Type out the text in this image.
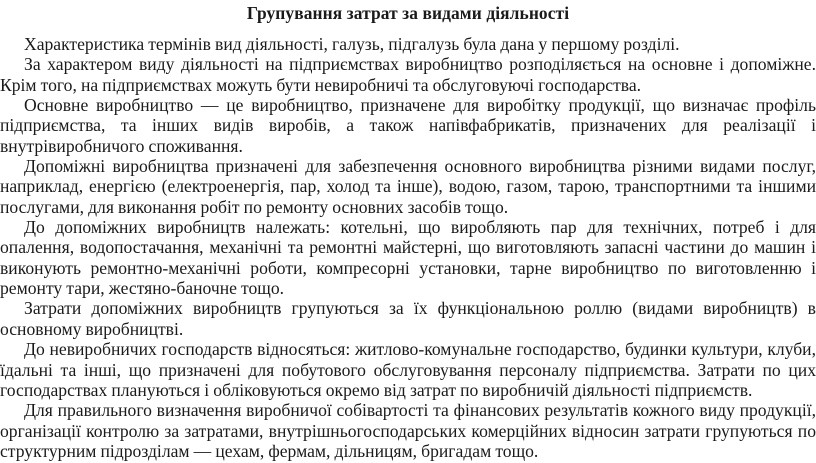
Групування затрат за видами діяльності

Характеристика термінів вид діяльності, галузь, підгалузь була дана у першому розділі.

За характером виду діяльності на підприємствах виробництво розподіляється на основне і допоміжне. Крім того, на підприємствах можуть бути невиробничі та обслуговуючі господарства.

Основне виробництво — це виробництво, призначене для виробітку продукції, що визначає профіль підприємства, та інших видів виробів, а також напівфабрикатів, призначених для реалізації і внутрівиробничого споживання.

Допоміжні виробництва призначені для забезпечення основного виробництва різними видами послуг, наприклад, енергією (електроенергія, пар, холод та інше), водою, газом, тарою, транспортними та іншими послугами, для виконання робіт по ремонту основних засобів тощо.

До допоміжних виробництв належать: котельні, що виробляють пар для технічних, потреб і для опалення, водопостачання, механічні та ремонтні майстерні, що виготовляють запасні частини до машин і виконують ремонтно-механічні роботи, компресорні установки, тарне виробництво по виготовленню і ремонту тари, жестяно-баночне тощо.

Затрати допоміжних виробництв групуються за їх функціональною роллю (видами виробництв) в основному виробництві.

До невиробничих господарств відносяться: житлово-комунальне господарство, будинки культури, клуби, їдальні та інші, що призначені для побутового обслуговування персоналу підприємства. Затрати по цих господарствах плануються і обліковуються окремо від затрат по виробничій діяльності підприємств.

Для правильного визначення виробничої собівартості та фінансових результатів кожного виду продукції, організації контролю за затратами, внутрішньогосподарських комерційних відносин затрати групуються по структурним підрозділам — цехам, фермам, дільницям, бригадам тощо.
